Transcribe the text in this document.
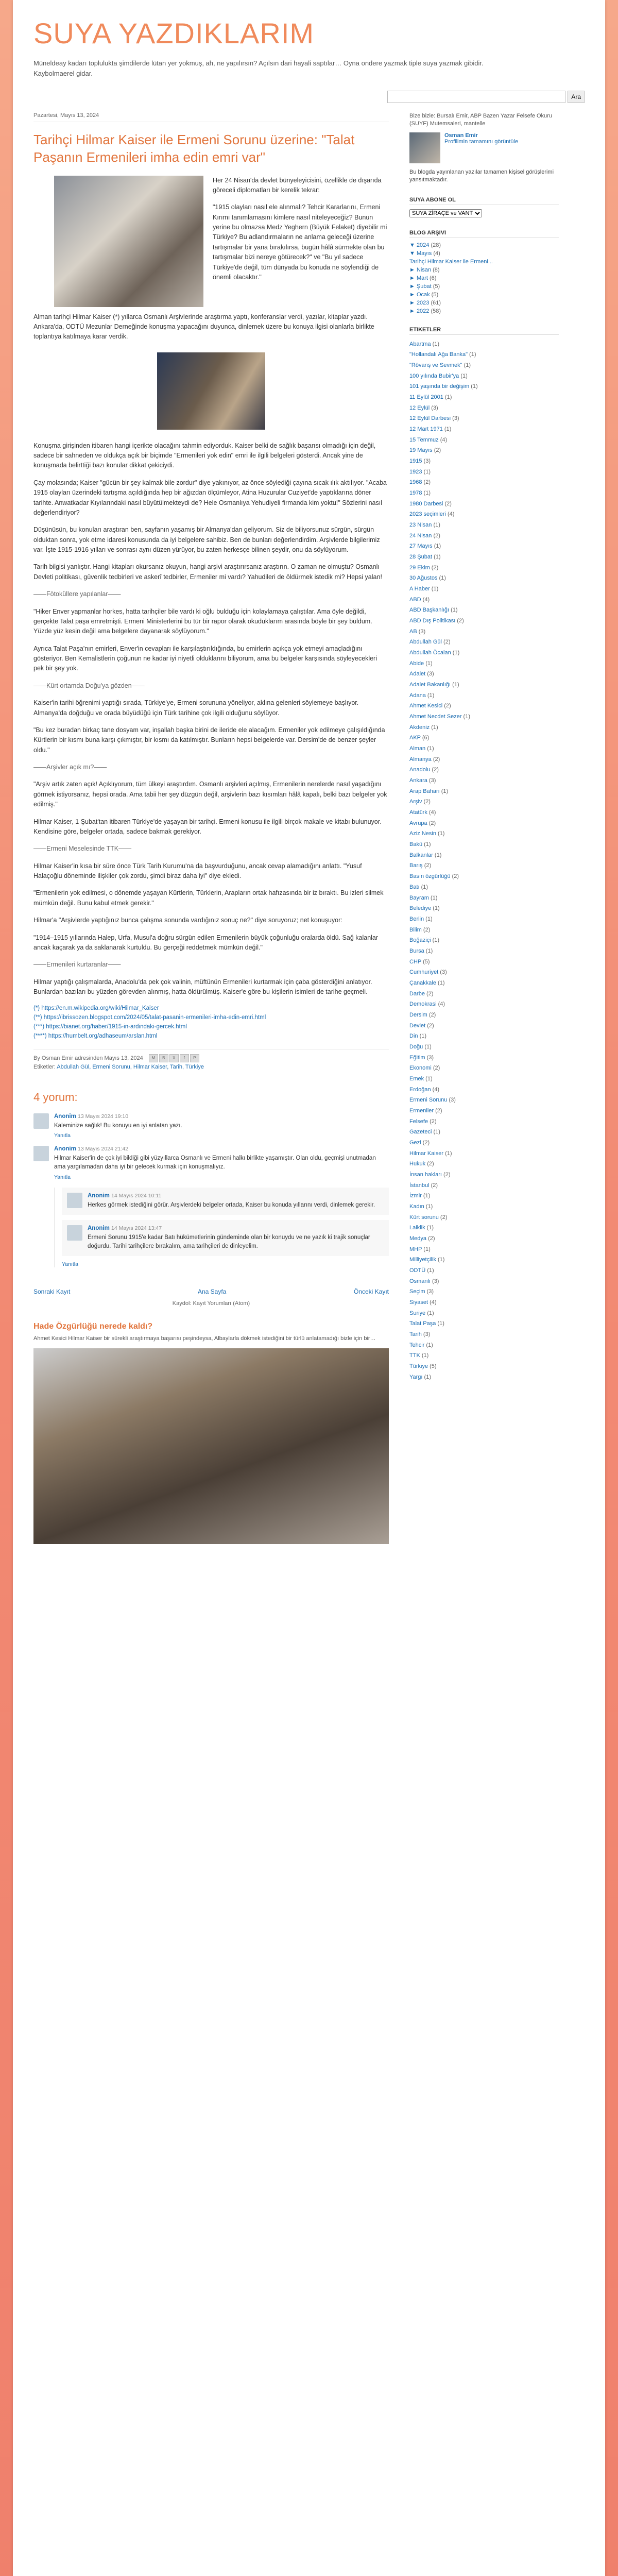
SUYA YAZDIKLARIM
Müneldeay kadarı toplulukta şimdilerde lütan yer yokmuş, ah, ne yapılırsın? Açılsın dari hayali saptılar… Oyna ondere yazmak tiple suya yazmak gibidir. Kaybolmaerel gidar.
Ara
Pazartesi, Mayıs 13, 2024
Tarihçi Hilmar Kaiser ile Ermeni Sorunu üzerine: "Talat Paşanın Ermenileri imha edin emri var"

Her 24 Nisan'da devlet bünyeleyicisini, özellikle de dışarıda göreceli diplomatları bir kerelik tekrar:

"1915 olayları nasıl ele alınmalı? Tehcir Kararlarını, Ermeni Kırımı tanımlamasını kimlere nasıl niteleyeceğiz? Bunun yerine bu olmazsa Medz Yeghern (Büyük Felaket) diyebilir mi Türkiye? Bu adlandırmaların ne anlama geleceği üzerine tartışmalar bir yana bırakılırsa, bugün hâlâ sürmekte olan bu tartışmalar bizi nereye götürecek?" ve "Bu yıl sadece Türkiye'de değil, tüm dünyada bu konuda ne söylendiği de önemli olacaktır."

Alman tarihçi Hilmar Kaiser (*) yıllarca Osmanlı Arşivlerinde araştırma yaptı, konferanslar verdi, yazılar, kitaplar yazdı. Ankara'da, ODTÜ Mezunlar Derneğinde konuşma yapacağını duyunca, dinlemek üzere bu konuya ilgisi olanlarla birlikte toplantıya katılmaya karar verdik.

Konuşma girişinden itibaren hangi içerikte olacağını tahmin ediyorduk. Kaiser belki de sağlık başarısı olmadığı için değil, sadece bir sahneden ve oldukça açık bir biçimde "Ermenileri yok edin" emri ile ilgili belgeleri gösterdi. Ancak yine de konuşmada belirttiği bazı konular dikkat çekiciydi.

Çay molasında; Kaiser "gücün bir şey kalmak bile zordur" diye yakınıyor, az önce söylediği çayına sıcak ılık aktılıyor. "Acaba 1915 olayları üzerindeki tartışma açıldığında hep bir ağızdan ölçümleyor, Atina Huzurular Cuziyet'de yaptıklarına döner tarihte. Anwatkadar Kıyılarındaki nasıl büyütülmekteydi de? Hele Osmanlıya Yehudiyeli firmanda kim yoktu!" Sözlerini nasıl değerlendiriyor?

Düşünüsün, bu konuları araştıran ben, sayfanın yaşamış bir Almanya'dan geliyorum. Siz de biliyorsunuz sürgün, sürgün olduktan sonra, yok etme idaresi konusunda da iyi belgelere sahibiz. Ben de bunları değerlendirdim. Arşivlerde bilgilerimiz var. İşte 1915-1916 yılları ve sonrası aynı düzen yürüyor, bu zaten herkesçe bilinen şeydir, onu da söylüyorum.

Tarih bilgisi yanlıştır. Hangi kitapları okursanız okuyun, hangi arşivi araştırırsanız araştırın. O zaman ne olmuştu? Osmanlı Devleti politikası, güvenlik tedbirleri ve askerî tedbirler, Ermeniler mi vardı? Yahudileri de öldürmek istedik mi? Hepsi yalan!

——Fötoküllere yapılanlar——

"Hiker Enver yapmanlar horkes, hatta tarihçiler bile vardı ki oğlu bulduğu için kolaylamaya çalıştılar. Ama öyle değildi, gerçekte Talat paşa emretmişti. Ermeni Ministerlerini bu tür bir rapor olarak okuduklarım arasında böyle bir şey buldum. Yüzde yüz kesin değil ama belgelere dayanarak söylüyorum."

Ayrıca Talat Paşa'nın emirleri, Enver'in cevapları ile karşılaştırıldığında, bu emirlerin açıkça yok etmeyi amaçladığını gösteriyor. Ben Kemalistlerin çoğunun ne kadar iyi niyetli olduklarını biliyorum, ama bu belgeler karşısında söyleyecekleri pek bir şey yok.

——Kürt ortamda Doğu'ya gözden——

Kaiser'in tarihi öğrenimi yaptığı sırada, Türkiye'ye, Ermeni sorununa yöneliyor, aklına gelenleri söylemeye başlıyor. Almanya'da doğduğu ve orada büyüdüğü için Türk tarihine çok ilgili olduğunu söylüyor.

"Bu kez buradan birkaç tane dosyam var, inşallah başka birini de ileride ele alacağım. Ermeniler yok edilmeye çalışıldığında Kürtlerin bir kısmı buna karşı çıkmıştır, bir kısmı da katılmıştır. Bunların hepsi belgelerde var. Dersim'de de benzer şeyler oldu."

——Arşivler açık mı?——

"Arşiv artık zaten açık! Açıklıyorum, tüm ülkeyi araştırdım. Osmanlı arşivleri açılmış, Ermenilerin nerelerde nasıl yaşadığını görmek istiyorsanız, hepsi orada. Ama tabii her şey düzgün değil, arşivlerin bazı kısımları hâlâ kapalı, belki bazı belgeler yok edilmiş."

Hilmar Kaiser, 1 Şubat'tan itibaren Türkiye'de yaşayan bir tarihçi. Ermeni konusu ile ilgili birçok makale ve kitabı bulunuyor. Kendisine göre, belgeler ortada, sadece bakmak gerekiyor.

——Ermeni Meselesinde TTK——

Hilmar Kaiser'in kısa bir süre önce Türk Tarih Kurumu'na da başvurduğunu, ancak cevap alamadığını anlattı. "Yusuf Halaçoğlu döneminde ilişkiler çok zordu, şimdi biraz daha iyi" diye ekledi.

"Ermenilerin yok edilmesi, o dönemde yaşayan Kürtlerin, Türklerin, Arapların ortak hafızasında bir iz bıraktı. Bu izleri silmek mümkün değil. Bunu kabul etmek gerekir."

Hilmar'a "Arşivlerde yaptığınız bunca çalışma sonunda vardığınız sonuç ne?" diye soruyoruz; net konuşuyor:

"1914–1915 yıllarında Halep, Urfa, Musul'a doğru sürgün edilen Ermenilerin büyük çoğunluğu oralarda öldü. Sağ kalanlar ancak kaçarak ya da saklanarak kurtuldu. Bu gerçeği reddetmek mümkün değil."

——Ermenileri kurtaranlar——

Hilmar yaptığı çalışmalarda, Anadolu'da pek çok valinin, müftünün Ermenileri kurtarmak için çaba gösterdiğini anlatıyor. Bunlardan bazıları bu yüzden görevden alınmış, hatta öldürülmüş. Kaiser'e göre bu kişilerin isimleri de tarihe geçmeli.

(*) https://en.m.wikipedia.org/wiki/Hilmar_Kaiser
(**) https://ibrissozen.blogspot.com/2024/05/talat-pasanin-ermenileri-imha-edin-emri.html
(***) https://bianet.org/haber/1915-in-ardindaki-gercek.html
(****) https://humbelt.org/adhaseum/arslan.html
By Osman Emir adresinden Mayıs 13, 2024	M	B	X	f	P
Etiketler: Abdullah Gül, Ermeni Sorunu, Hilmar Kaiser, Tarih, Türkiye
4 yorum:
Anonim 13 Mayıs 2024 19:10
Kaleminize sağlık! Bu konuyu en iyi anlatan yazı.
Yanıtla
Anonim 13 Mayıs 2024 21:42
Hilmar Kaiser'in de çok iyi bildiği gibi yüzyıllarca Osmanlı ve Ermeni halkı birlikte yaşamıştır. Olan oldu, geçmişi unutmadan ama yargılamadan daha iyi bir gelecek kurmak için konuşmalıyız.
Yanıtla
Anonim 14 Mayıs 2024 10:11
Herkes görmek istediğini görür. Arşivlerdeki belgeler ortada, Kaiser bu konuda yıllarını verdi, dinlemek gerekir.
Anonim 14 Mayıs 2024 13:47
Ermeni Sorunu 1915'e kadar Batı hükümetlerinin gündeminde olan bir konuydu ve ne yazık ki trajik sonuçlar doğurdu. Tarihi tarihçilere bırakalım, ama tarihçileri de dinleyelim.
Yanıtla
Sonraki Kayıt	Ana Sayfa	Önceki Kayıt
Kaydol: Kayıt Yorumları (Atom)
Hade Özgürlüğü nerede kaldı?
Ahmet Kesici Hilmar Kaiser bir sürekli araştırmaya başarısı peşindeysa, Albaylarla dökmek istediğini bir türlü anlatamadığı bizle için bir…
Bize bizle: Bursalı Emir, ABP Bazen Yazar Felsefe Okuru (SUYF) Mutemsaleri, mantelle
Osman Emir
Profilimin tamamını görüntüle
Bu blogda yayınlanan yazılar tamamen kişisel görüşlerimi yansıtmaktadır.
SUYA ABONE OL
SUYA ZİRAÇE ve VANT
BLOG ARŞIVI
▼ 2024 (28)
▼ Mayıs (4)
Tarihçi Hilmar Kaiser ile Ermeni...
► Nisan (8)
► Mart (6)
► Şubat (5)
► Ocak (5)
► 2023 (61)
► 2022 (58)
ETIKETLER
Abartma (1)
"Hollandalı Ağa Banka" (1)
"Rövanş ve Sevmek" (1)
100 yılında Bubir'ya (1)
101 yaşında bir değişim (1)
11 Eylül 2001 (1)
12 Eylül (3)
12 Eylül Darbesi (3)
12 Mart 1971 (1)
15 Temmuz (4)
19 Mayıs (2)
1915 (3)
1923 (1)
1968 (2)
1978 (1)
1980 Darbesi (2)
2023 seçimleri (4)
23 Nisan (1)
24 Nisan (2)
27 Mayıs (1)
28 Şubat (1)
29 Ekim (2)
30 Ağustos (1)
A Haber (1)
ABD (4)
ABD Başkanlığı (1)
ABD Dış Politikası (2)
AB (3)
Abdullah Gül (2)
Abdullah Öcalan (1)
Abide (1)
Adalet (3)
Adalet Bakanlığı (1)
Adana (1)
Ahmet Kesici (2)
Ahmet Necdet Sezer (1)
Akdeniz (1)
AKP (6)
Alman (1)
Almanya (2)
Anadolu (2)
Ankara (3)
Arap Baharı (1)
Arşiv (2)
Atatürk (4)
Avrupa (2)
Aziz Nesin (1)
Bakü (1)
Balkanlar (1)
Barış (2)
Basın özgürlüğü (2)
Batı (1)
Bayram (1)
Belediye (1)
Berlin (1)
Bilim (2)
Boğaziçi (1)
Bursa (1)
CHP (5)
Cumhuriyet (3)
Çanakkale (1)
Darbe (2)
Demokrasi (4)
Dersim (2)
Devlet (2)
Din (1)
Doğu (1)
Eğitim (3)
Ekonomi (2)
Emek (1)
Erdoğan (4)
Ermeni Sorunu (3)
Ermeniler (2)
Felsefe (2)
Gazeteci (1)
Gezi (2)
Hilmar Kaiser (1)
Hukuk (2)
İnsan hakları (2)
İstanbul (2)
İzmir (1)
Kadın (1)
Kürt sorunu (2)
Laiklik (1)
Medya (2)
MHP (1)
Milliyetçilik (1)
ODTÜ (1)
Osmanlı (3)
Seçim (3)
Siyaset (4)
Suriye (1)
Talat Paşa (1)
Tarih (3)
Tehcir (1)
TTK (1)
Türkiye (5)
Yargı (1)
